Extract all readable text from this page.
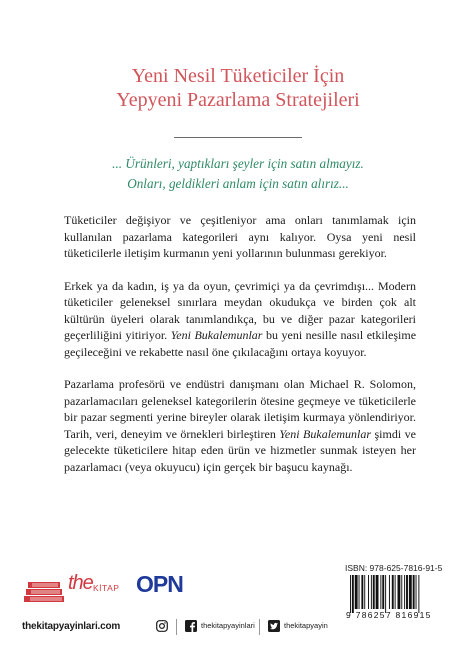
Yeni Nesil Tüketiciler İçin
Yepyeni Pazarlama Stratejileri
... Ürünleri, yaptıkları şeyler için satın almayız.
Onları, geldikleri anlam için satın alırız...

Tüketiciler değişiyor ve çeşitleniyor ama onları tanımlamak için kullanılan pazarlama kategorileri aynı kalıyor. Oysa yeni nesil tüketicilerle iletişim kurmanın yeni yollarının bulunması gerekiyor.

Erkek ya da kadın, iş ya da oyun, çevrimiçi ya da çevrimdışı... Modern tüketiciler geleneksel sınırlara meydan okudukça ve birden çok alt kültürün üyeleri olarak tanımlandıkça, bu ve diğer pazar kategorileri geçerliliğini yitiriyor. Yeni Bukalemunlar bu yeni nesille nasıl etkileşime geçileceğini ve rekabette nasıl öne çıkılacağını ortaya koyuyor.

Pazarlama profesörü ve endüstri danışmanı olan Michael R. Solomon, pazarlamacıları geleneksel kategorilerin ötesine geçmeye ve tüketicilerle bir pazar segmenti yerine bireyler olarak iletişim kurmaya yönlendiriyor. Tarih, veri, deneyim ve örnekleri birleştiren Yeni Bukalemunlar şimdi ve gelecekte tüketicilere hitap eden ürün ve hizmetler sunmak isteyen her pazarlamacı (veya okuyucu) için gerçek bir başucu kaynağı.

the KİTAP OPN
ISBN: 978-625-7816-91-5
9 786257 816915
thekitapyayinlari.com	thekitapyayinlari	thekitapyayin
